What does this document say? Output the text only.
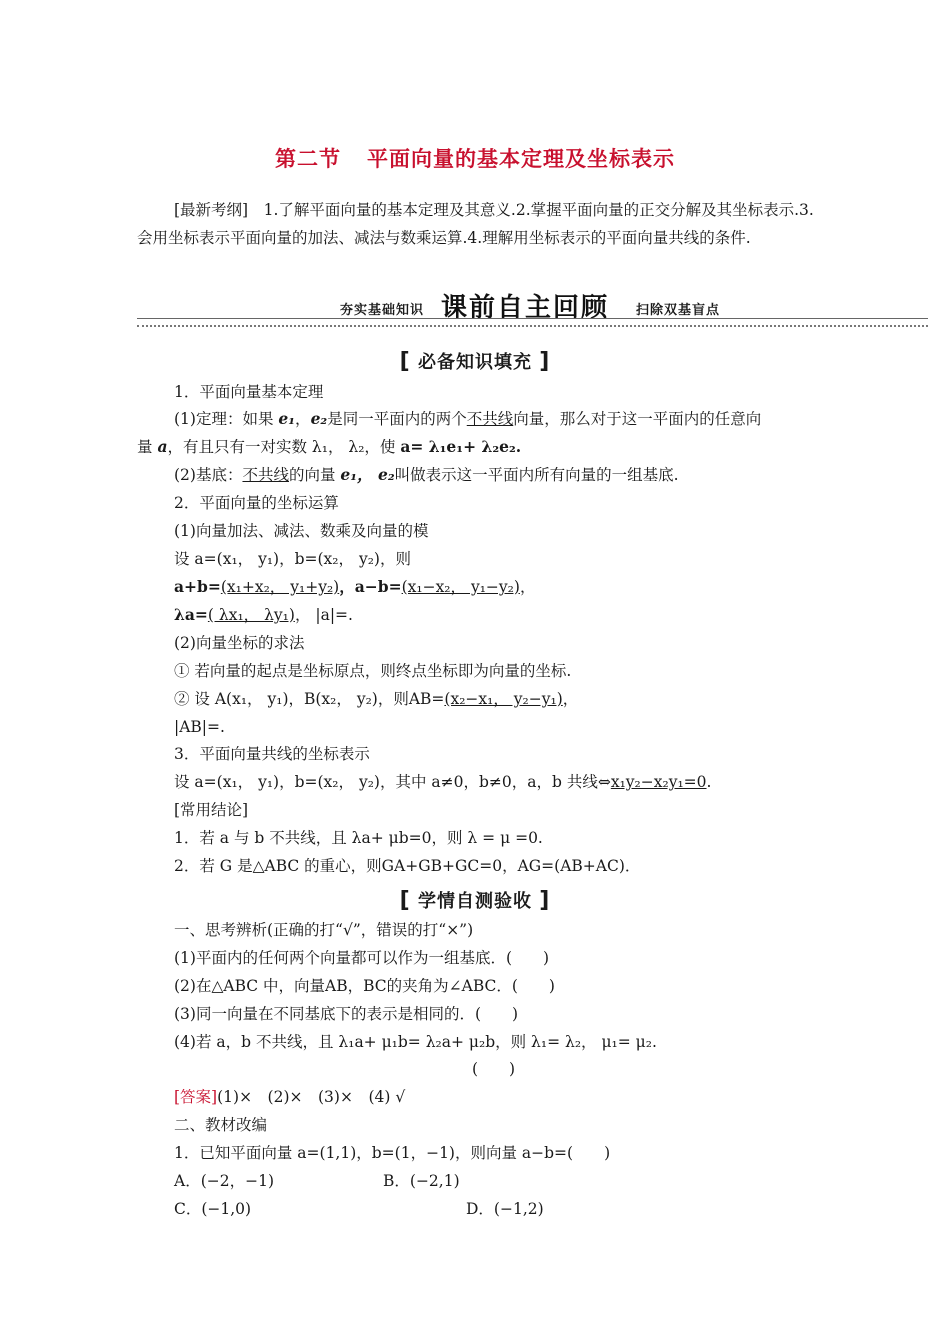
第二节 平面向量的基本定理及坐标表示
[最新考纲]　1.了解平面向量的基本定理及其意义.2.掌握平面向量的正交分解及其坐标表示.3.会用坐标表示平面向量的加法、减法与数乘运算.4.理解用坐标表示的平面向量共线的条件.
夯实基础知识 课前自主回顾 扫除双基盲点
[ 必备知识填充 ]
1．平面向量基本定理
(1)定理：如果 e₁，e₂是同一平面内的两个不共线向量，那么对于这一平面内的任意向
量 a，有且只有一对实数 λ₁， λ₂，使 a= λ₁e₁+ λ₂e₂.
(2)基底：不共线的向量 e₁， e₂叫做表示这一平面内所有向量的一组基底.
2．平面向量的坐标运算
(1)向量加法、减法、数乘及向量的模
设 a=(x₁， y₁)，b=(x₂， y₂)，则
a+b=(x₁+x₂， y₁+y₂)，a−b=(x₁−x₂， y₁−y₂)，
λa=( λx₁， λy₁)， |a|=.
(2)向量坐标的求法
① 若向量的起点是坐标原点，则终点坐标即为向量的坐标.
② 设 A(x₁， y₁)，B(x₂， y₂)，则AB=(x₂−x₁， y₂−y₁)，
|AB|=.
3．平面向量共线的坐标表示
设 a=(x₁， y₁)，b=(x₂， y₂)，其中 a≠0，b≠0，a，b 共线⇔x₁y₂−x₂y₁=0.
[常用结论]
1．若 a 与 b 不共线，且 λa+ μb=0，则 λ = μ =0.
2．若 G 是△ABC 的重心，则GA+GB+GC=0，AG=(AB+AC)．
[ 学情自测验收 ]
一、思考辨析(正确的打“√”，错误的打“×”)
(1)平面内的任何两个向量都可以作为一组基底．(　　)
(2)在△ABC 中，向量AB，BC的夹角为∠ABC．(　　)
(3)同一向量在不同基底下的表示是相同的．(　　)
(4)若 a，b 不共线，且 λ₁a+ μ₁b= λ₂a+ μ₂b，则 λ₁= λ₂， μ₁= μ₂.
(　　)
[答案](1)×　(2)×　(3)×　(4) √
二、教材改编
1．已知平面向量 a=(1,1)，b=(1，−1)，则向量 a−b=(　　)
A．(−2，−1)	B．(−2,1)
C．(−1,0)	D．(−1,2)
